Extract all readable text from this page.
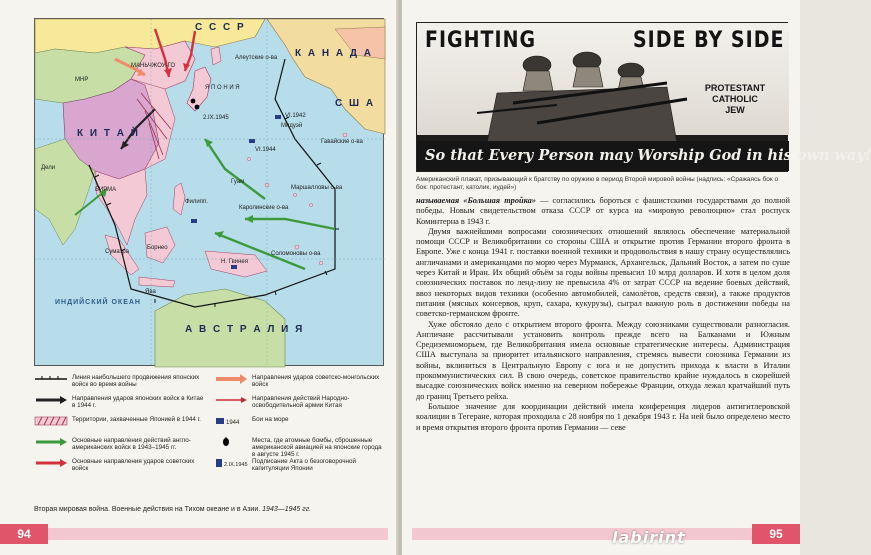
С С С Р
К А Н А Д А
С Ш А
К И Т А Й
МАНЬЧЖОУ-ГО
МНР
Я П О Н И Я
Дели
БИРМА
Филипп.
Борнео
Суматра
Ява
Н. Гвинея
Соломоновы о-ва
Гавайские о-ва
Алеутские о-ва
Мидуэй
Гуам
Маршалловы о-ва
Каролинские о-ва
2.IX.1945
VI.1944
VI.1942
ИНДИЙСКИЙ ОКЕАН
А В С Т Р А Л И Я
Линия наибольшего продвижения японских войск во время войны
Направления ударов японских войск в Китае в 1944 г.
Территории, захваченные Японией в 1944 г.
Основные направления действий англо-американских войск в 1943–1945 гг.
Основные направления ударов советских войск
Направления ударов советско-монгольских войск
Направления действий Народно-освободительной армии Китая
1944 Бои на море
Места, где атомные бомбы, сброшенные американской авиацией на японские города в августе 1945 г.
2.IX.1945 Подписание Акта о безоговорочной капитуляции Японии
Вторая мировая война. Военные действия на Тихом океане и в Азии. 1943—1945 гг.
94
FIGHTING	SIDE BY SIDE
PROTESTANT
CATHOLIC
JEW
So that Every Person may Worship God in his own way!
Американский плакат, призывающий к братству по оружию в период Второй мировой войны (надпись: «Сражаясь бок о бок: протестант, католик, иудей»)

называемая «Большая тройка» — согласились бороться с фашистскими государствами до полной победы. Новым свидетельством отказа СССР от курса на «мировую революцию» стал роспуск Коминтерна в 1943 г.

Двумя важнейшими вопросами союзнических отношений являлось обеспечение материальной помощи СССР и Великобритании со стороны США и открытие против Германии второго фронта в Европе. Уже с конца 1941 г. поставки военной техники и продовольствия в нашу страну осуществлялись англичанами и американцами по морю через Мурманск, Архангельск, Дальний Восток, а затем по суше через Китай и Иран. Их общий объём за годы войны превысил 10 млрд долларов. И хотя в целом доля союзнических поставок по ленд-лизу не превысила 4% от затрат СССР на ведение боевых действий, ввоз некоторых видов техники (особенно автомобилей, самолётов, средств связи), а также продуктов питания (мясных консервов, круп, сахара, кукурузы), сыграл важную роль в достижении победы на советско-германском фронте.

Хуже обстояло дело с открытием второго фронта. Между союзниками существовали разногласия. Англичане рассчитывали установить контроль прежде всего на Балканами и Южным Средиземноморьем, где Великобритания имела основные стратегические интересы. Администрация США выступала за приоритет итальянского направления, стремясь вывести союзника Германии из войны, вклиниться в Центральную Европу с юга и не допустить прихода к власти в Италии прокоммунистических сил. В свою очередь, советское правительство крайне нуждалось в скорейшей высадке союзнических войск именно на северном побережье Франции, откуда лежал кратчайший путь до границ Третьего рейха.

Большое значение для координации действий имела конференция лидеров антигитлеровской коалиции в Тегеране, которая проходила с 28 ноября по 1 декабря 1943 г. На ней было определено место и время открытия второго фронта против Германии — севе

95
labirint
